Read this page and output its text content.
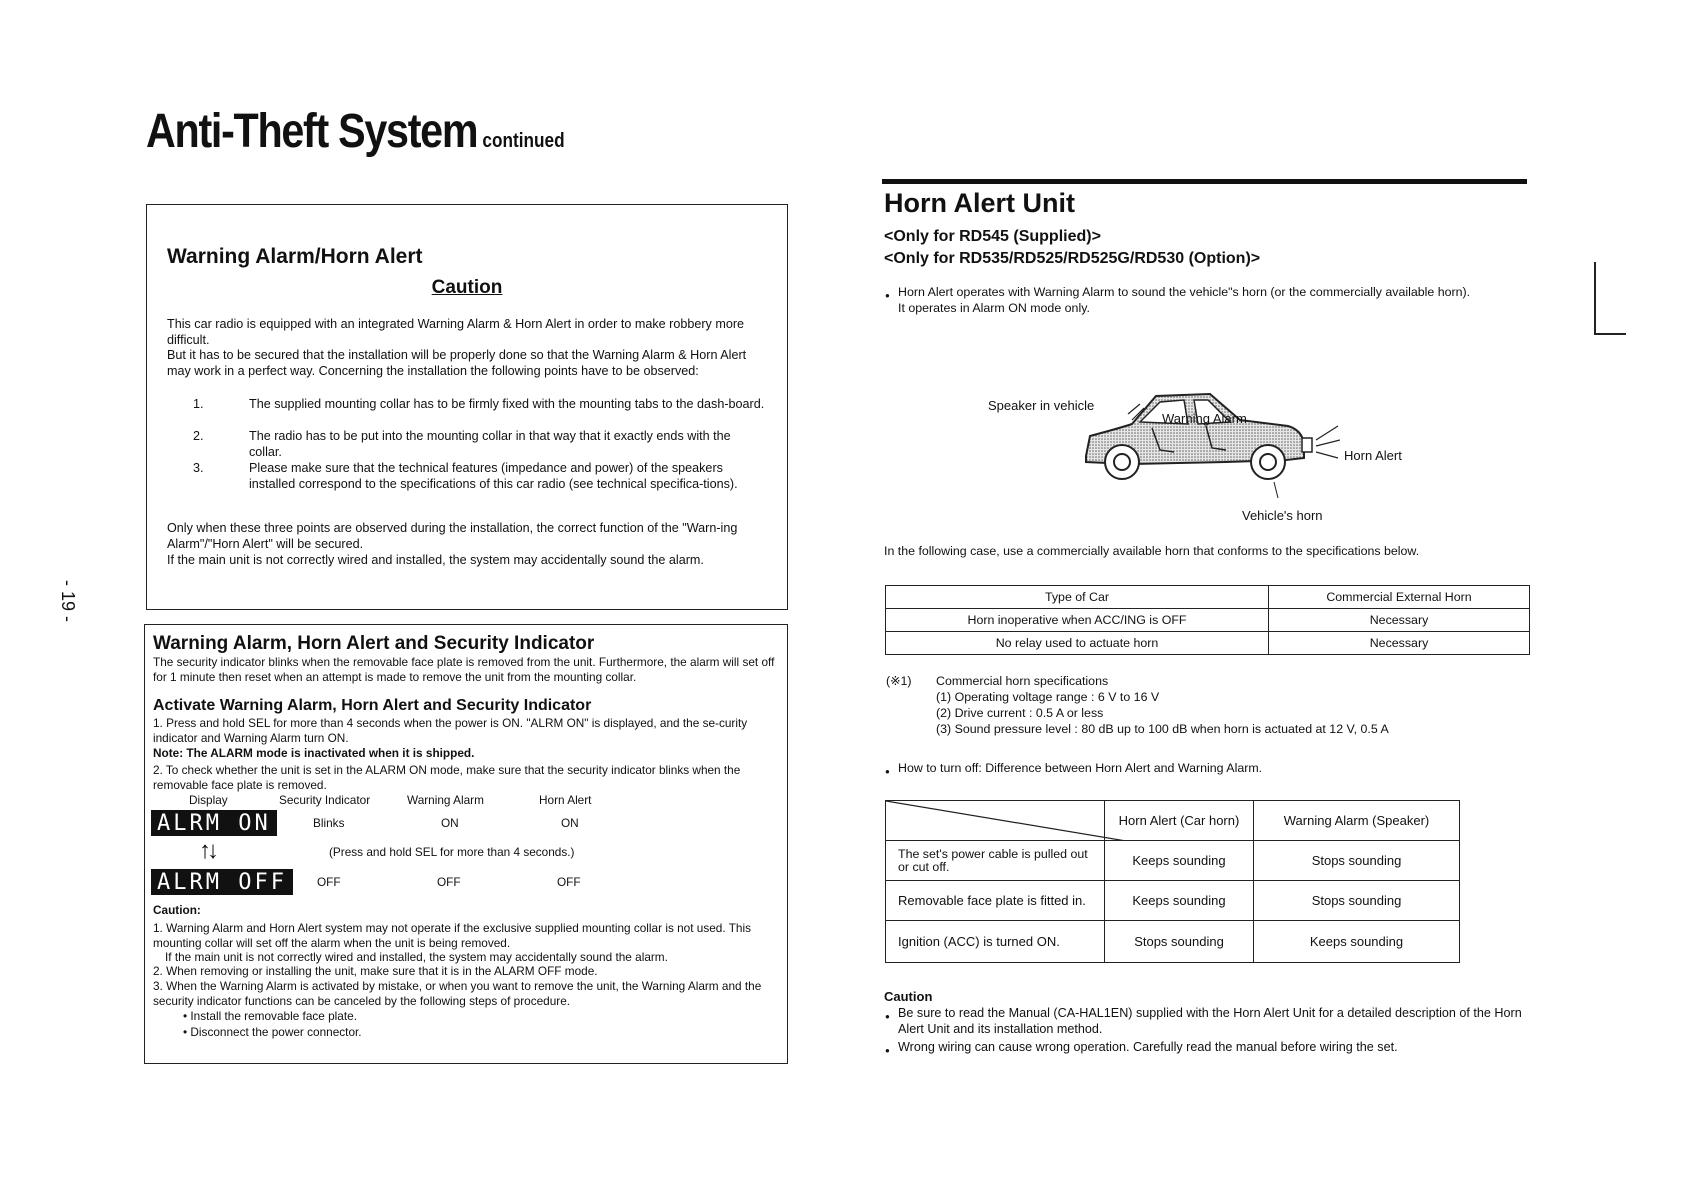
Anti-Theft System continued
- 19 -
Warning Alarm/Horn Alert
Caution
This car radio is equipped with an integrated Warning Alarm & Horn Alert in order to make robbery more difficult.
But it has to be secured that the installation will be properly done so that the Warning Alarm & Horn Alert may work in a perfect way. Concerning the installation the following points have to be observed:
1.	The supplied mounting collar has to be firmly fixed with the mounting tabs to the dash-board.
2.	The radio has to be put into the mounting collar in that way that it exactly ends with the collar.
3.	Please make sure that the technical features (impedance and power) of the speakers installed correspond to the specifications of this car radio (see technical specifica-tions).
Only when these three points are observed during the installation, the correct function of the "Warn-ing Alarm"/"Horn Alert" will be secured.
If the main unit is not correctly wired and installed, the system may accidentally sound the alarm.
Warning Alarm, Horn Alert and Security Indicator
The security indicator blinks when the removable face plate is removed from the unit. Furthermore, the alarm will set off for 1 minute then reset when an attempt is made to remove the unit from the mounting collar.
Activate Warning Alarm, Horn Alert and Security Indicator
1. Press and hold SEL for more than 4 seconds when the power is ON. "ALRM ON" is displayed, and the se-curity indicator and Warning Alarm turn ON.
Note: The ALARM mode is inactivated when it is shipped.
2. To check whether the unit is set in the ALARM ON mode, make sure that the security indicator blinks when the removable face plate is removed.
Display	Security Indicator	Warning Alarm	Horn Alert
ALRM ON	Blinks	ON	ON
↑↓	(Press and hold SEL for more than 4 seconds.)
ALRM OFF	OFF	OFF	OFF
Caution:
1. Warning Alarm and Horn Alert system may not operate if the exclusive supplied mounting collar is not used. This mounting collar will set off the alarm when the unit is being removed.
If the main unit is not correctly wired and installed, the system may accidentally sound the alarm.
2. When removing or installing the unit, make sure that it is in the ALARM OFF mode.
3. When the Warning Alarm is activated by mistake, or when you want to remove the unit, the Warning Alarm and the security indicator functions can be canceled by the following steps of procedure.
• Install the removable face plate.
• Disconnect the power connector.
Horn Alert Unit
<Only for RD545 (Supplied)>
<Only for RD535/RD525/RD525G/RD530 (Option)>
● Horn Alert operates with Warning Alarm to sound the vehicle"s horn (or the commercially available horn).
It operates in Alarm ON mode only.
Speaker in vehicle
Warning Alarm
Horn Alert
Vehicle's horn
In the following case, use a commercially available horn that conforms to the specifications below.
Type of Car	Commercial External Horn
Horn inoperative when ACC/ING is OFF	Necessary
No relay used to actuate horn	Necessary
(※1) Commercial horn specifications
(1) Operating voltage range : 6 V to 16 V
(2) Drive current : 0.5 A or less
(3) Sound pressure level : 80 dB up to 100 dB when horn is actuated at 12 V, 0.5 A
● How to turn off: Difference between Horn Alert and Warning Alarm.
	Horn Alert (Car horn)	Warning Alarm (Speaker)
The set's power cable is pulled out or cut off.	Keeps sounding	Stops sounding
Removable face plate is fitted in.	Keeps sounding	Stops sounding
Ignition (ACC) is turned ON.	Stops sounding	Keeps sounding
Caution
● Be sure to read the Manual (CA-HAL1EN) supplied with the Horn Alert Unit for a detailed description of the Horn Alert Unit and its installation method.
● Wrong wiring can cause wrong operation. Carefully read the manual before wiring the set.
